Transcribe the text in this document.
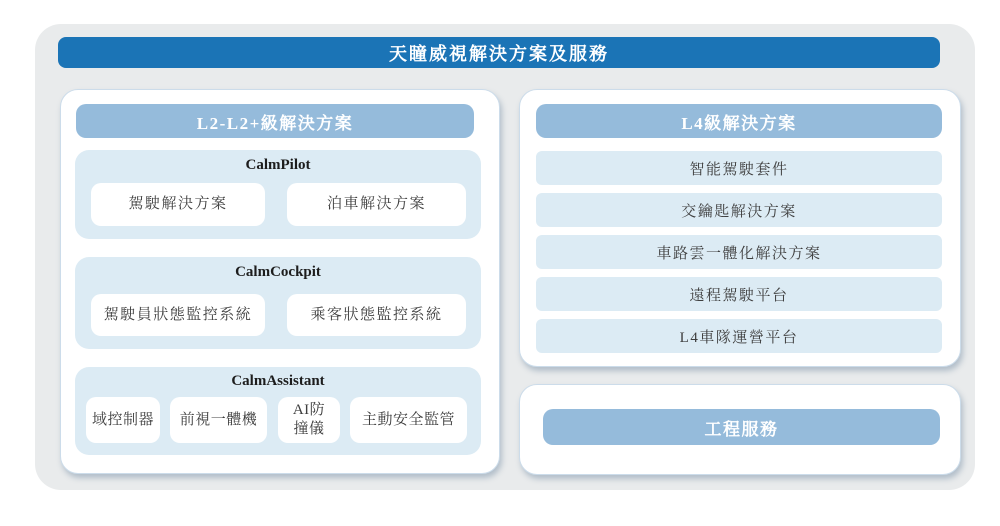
天瞳威視解決方案及服務
L2-L2+級解決方案
CalmPilot
駕駛解決方案	泊車解決方案
CalmCockpit
駕駛員狀態監控系統	乘客狀態監控系統
CalmAssistant
域控制器	前視一體機
AI防撞儀
主動安全監管
L4級解決方案
智能駕駛套件
交鑰匙解決方案
車路雲一體化解決方案
遠程駕駛平台
L4車隊運營平台
工程服務
